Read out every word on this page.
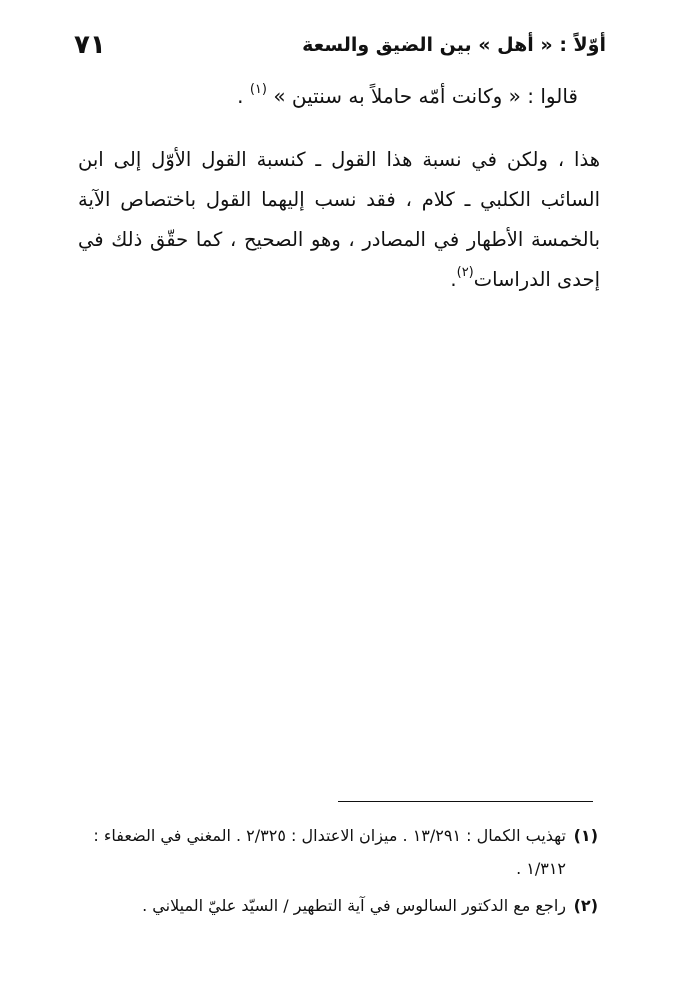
٧١	أوّلاً : « أهل » بين الضيق والسعة
قالوا : « وكانت أمّه حاملاً به سنتين » $^{(١)}$ .
هذا ، ولكن في نسبة هذا القول ـ كنسبة القول الأوّل إلى ابن السائب الكلبي ـ كلام ، فقد نسب إليهما القول باختصاص الآية بالخمسة الأطهار في المصادر ، وهو الصحيح ، كما حقّق ذلك في إحدى الدراسات$^{(٢)}$.
(١)
تهذيب الكمال : ١٣/٢٩١ . ميزان الاعتدال : ٢/٣٢٥ . المغني في الضعفاء : ١/٣١٢ .
(٢)
راجع مع الدكتور السالوس في آية التطهير / السيّد عليّ الميلاني .
